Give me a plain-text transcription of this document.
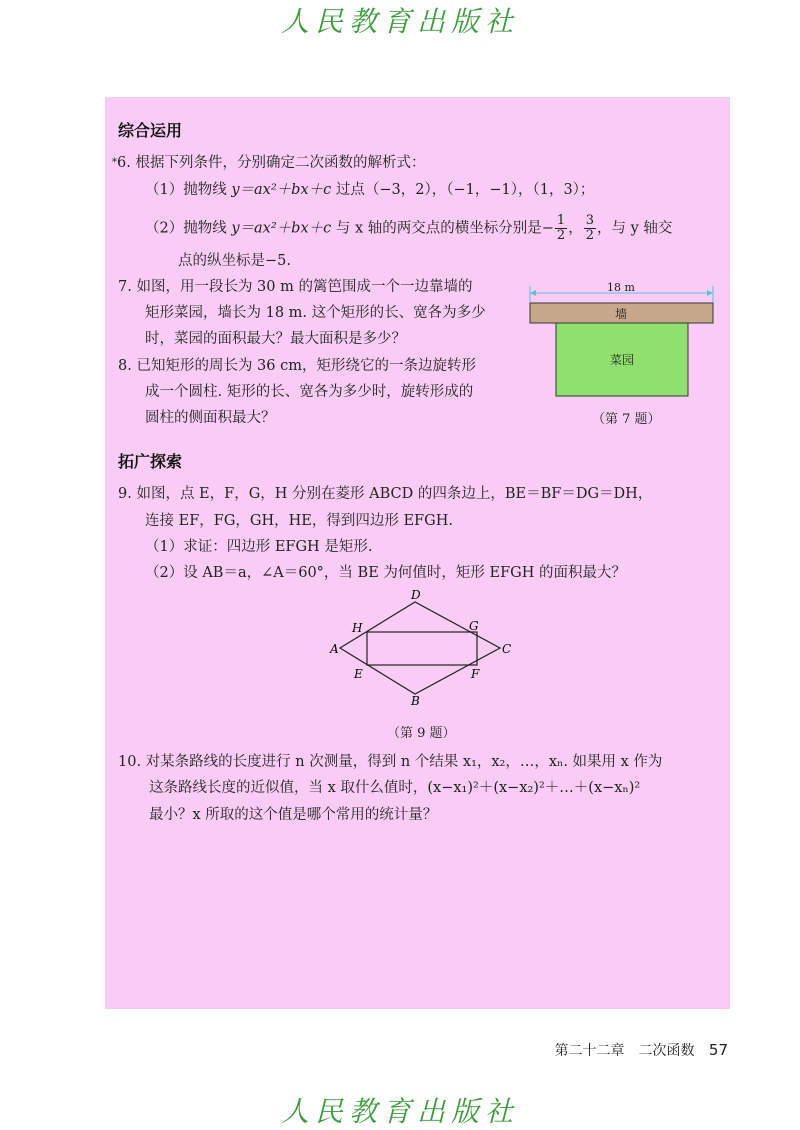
人民教育出版社
综合运用
*6. 根据下列条件，分别确定二次函数的解析式：
（1）抛物线 y＝ax²＋bx＋c 过点（−3，2），（−1，−1），（1，3）；
（2）抛物线 y＝ax²＋bx＋c 与 x 轴的两交点的横坐标分别是− $\frac{1}{2}$ ， $\frac{3}{2}$ ，与 y 轴交
点的纵坐标是−5.
7. 如图，用一段长为 30 m 的篱笆围成一个一边靠墙的
矩形菜园，墙长为 18 m. 这个矩形的长、宽各为多少
时，菜园的面积最大？最大面积是多少？
8. 已知矩形的周长为 36 cm，矩形绕它的一条边旋转形
成一个圆柱. 矩形的长、宽各为多少时，旋转形成的
圆柱的侧面积最大？
18 m
墙
菜园
（第 7 题）
拓广探索
9. 如图，点 E，F，G，H 分别在菱形 ABCD 的四条边上，BE＝BF＝DG＝DH，
连接 EF，FG，GH，HE，得到四边形 EFGH.
（1）求证：四边形 EFGH 是矩形.
（2）设 AB＝a，∠A＝60°，当 BE 为何值时，矩形 EFGH 的面积最大？
A
B
C
D
E	F
G
H
（第 9 题）
10. 对某条路线的长度进行 n 次测量，得到 n 个结果 x₁，x₂，…，xₙ. 如果用 x 作为
这条路线长度的近似值，当 x 取什么值时，(x−x₁)²＋(x−x₂)²＋…＋(x−xₙ)²
最小？x 所取的这个值是哪个常用的统计量？
第二十二章　二次函数 57
人民教育出版社
